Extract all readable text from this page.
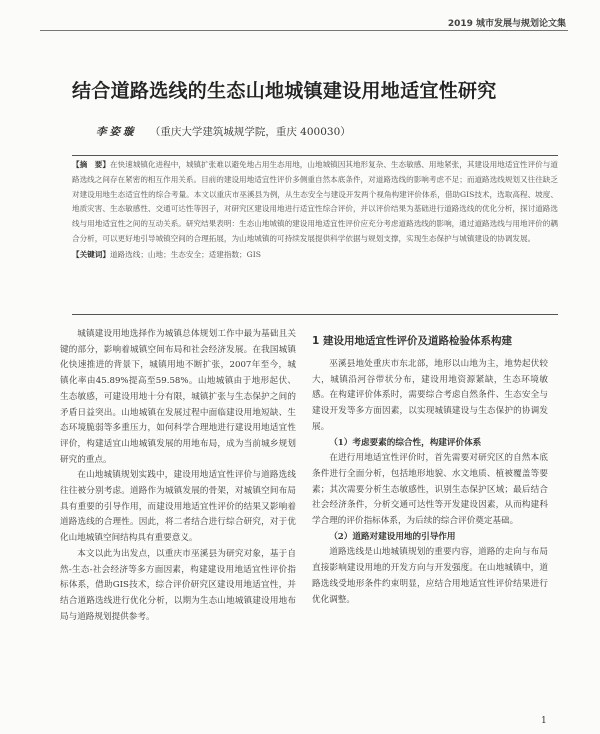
2019 城市发展与规划论文集
结合道路选线的生态山地城镇建设用地适宜性研究
李姿璇 （重庆大学建筑城规学院，重庆 400030）
【摘　要】在快速城镇化进程中，城镇扩张难以避免地占用生态用地，山地城镇因其地形复杂、生态敏感、用地紧张，其建设用地适宜性评价与道路选线之间存在紧密的相互作用关系。目前的建设用地适宜性评价多侧重自然本底条件，对道路选线的影响考虑不足；而道路选线规划又往往缺乏对建设用地生态适宜性的综合考量。本文以重庆市巫溪县为例，从生态安全与建设开发两个视角构建评价体系，借助GIS技术，选取高程、坡度、地质灾害、生态敏感性、交通可达性等因子，对研究区建设用地进行适宜性综合评价，并以评价结果为基础进行道路选线的优化分析，探讨道路选线与用地适宜性之间的互动关系。研究结果表明：生态山地城镇的建设用地适宜性评价应充分考虑道路选线的影响，通过道路选线与用地评价的耦合分析，可以更好地引导城镇空间的合理拓展，为山地城镇的可持续发展提供科学依据与规划支撑，实现生态保护与城镇建设的协调发展。
【关键词】道路选线；山地；生态安全；适建指数；GIS

城镇建设用地选择作为城镇总体规划工作中最为基础且关键的部分，影响着城镇空间布局和社会经济发展。在我国城镇化快速推进的背景下，城镇用地不断扩张，2007年至今，城镇化率由45.89%提高至59.58%。山地城镇由于地形起伏、生态敏感，可建设用地十分有限，城镇扩张与生态保护之间的矛盾日益突出。山地城镇在发展过程中面临建设用地短缺、生态环境脆弱等多重压力，如何科学合理地进行建设用地适宜性评价，构建适宜山地城镇发展的用地布局，成为当前城乡规划研究的重点。

在山地城镇规划实践中，建设用地适宜性评价与道路选线往往被分别考虑。道路作为城镇发展的骨架，对城镇空间布局具有重要的引导作用，而建设用地适宜性评价的结果又影响着道路选线的合理性。因此，将二者结合进行综合研究，对于优化山地城镇空间结构具有重要意义。

本文以此为出发点，以重庆市巫溪县为研究对象，基于自然-生态-社会经济等多方面因素，构建建设用地适宜性评价指标体系，借助GIS技术，综合评价研究区建设用地适宜性，并结合道路选线进行优化分析，以期为生态山地城镇建设用地布局与道路规划提供参考。

1 建设用地适宜性评价及道路检验体系构建

巫溪县地处重庆市东北部，地形以山地为主，地势起伏较大，城镇沿河谷带状分布，建设用地资源紧缺，生态环境敏感。在构建评价体系时，需要综合考虑自然条件、生态安全与建设开发等多方面因素，以实现城镇建设与生态保护的协调发展。

（1）考虑要素的综合性，构建评价体系

在进行用地适宜性评价时，首先需要对研究区的自然本底条件进行全面分析，包括地形地貌、水文地质、植被覆盖等要素；其次需要分析生态敏感性，识别生态保护区域；最后结合社会经济条件，分析交通可达性等开发建设因素，从而构建科学合理的评价指标体系，为后续的综合评价奠定基础。

（2）道路对建设用地的引导作用

道路选线是山地城镇规划的重要内容，道路的走向与布局直接影响建设用地的开发方向与开发强度。在山地城镇中，道路选线受地形条件约束明显，应结合用地适宜性评价结果进行优化调整。

1
